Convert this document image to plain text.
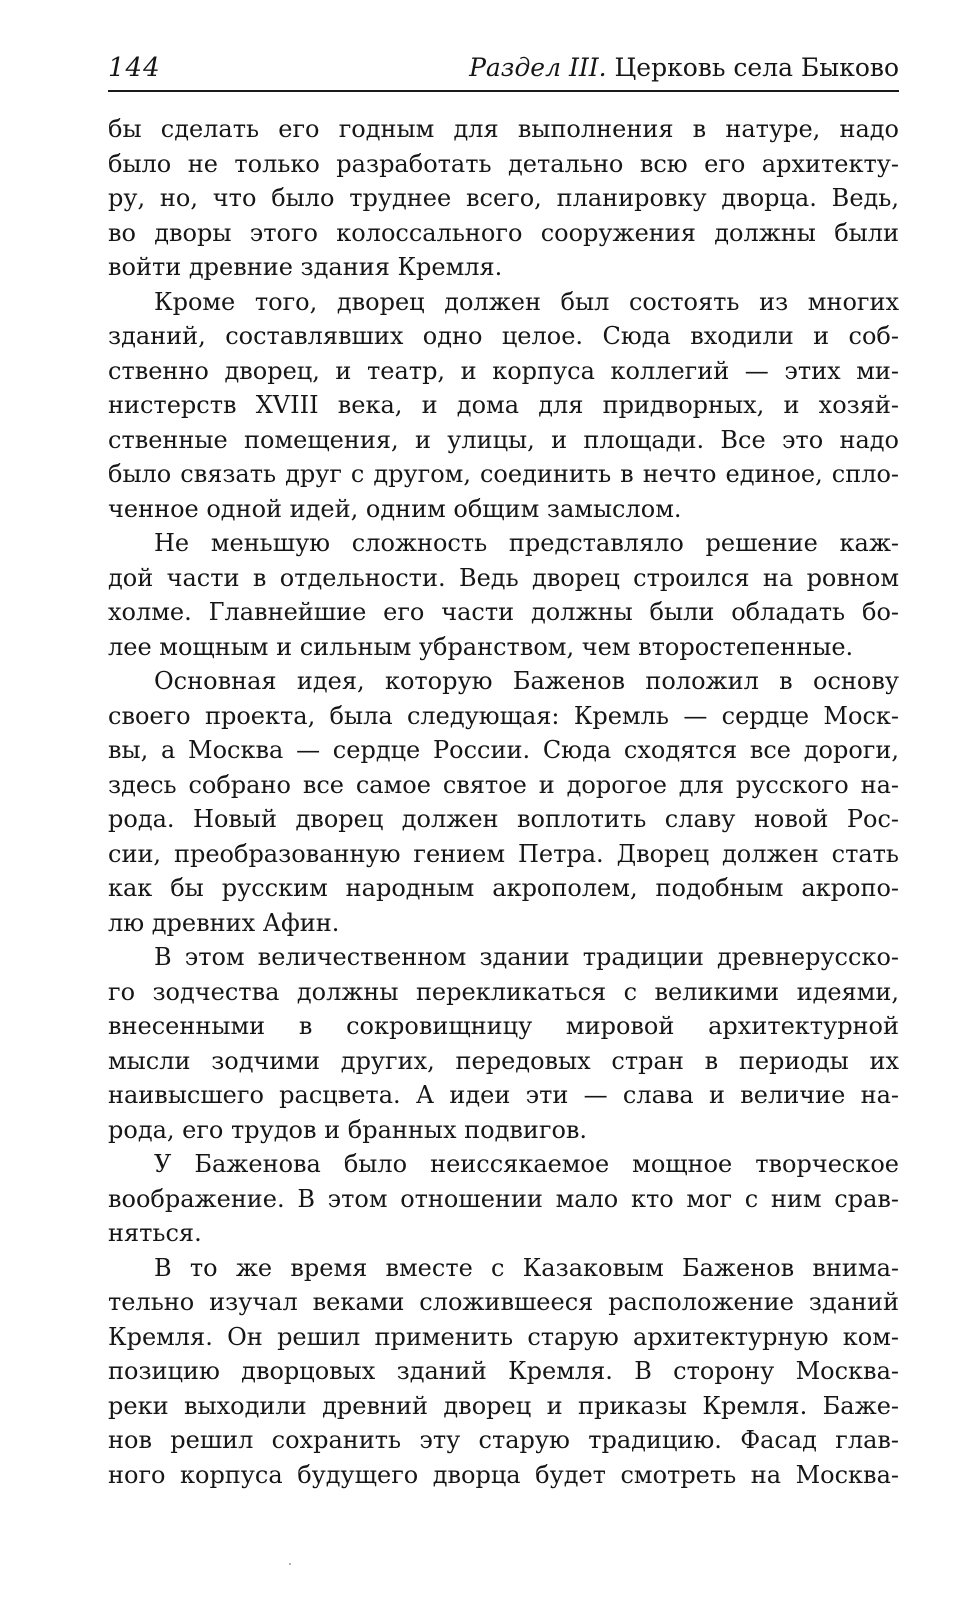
144	Раздел III. Церковь села Быково
бы сделать его годным для выполнения в натуре, надо
было не только разработать детально всю его архитекту-
ру, но, что было труднее всего, планировку дворца. Ведь,
во дворы этого колоссального сооружения должны были
войти древние здания Кремля.
Кроме того, дворец должен был состоять из многих
зданий, составлявших одно целое. Сюда входили и соб-
ственно дворец, и театр, и корпуса коллегий — этих ми-
нистерств XVIII века, и дома для придворных, и хозяй-
ственные помещения, и улицы, и площади. Все это надо
было связать друг с другом, соединить в нечто единое, спло-
ченное одной идей, одним общим замыслом.
Не меньшую сложность представляло решение каж-
дой части в отдельности. Ведь дворец строился на ровном
холме. Главнейшие его части должны были обладать бо-
лее мощным и сильным убранством, чем второстепенные.
Основная идея, которую Баженов положил в основу
своего проекта, была следующая: Кремль — сердце Моск-
вы, а Москва — сердце России. Сюда сходятся все дороги,
здесь собрано все самое святое и дорогое для русского на-
рода. Новый дворец должен воплотить славу новой Рос-
сии, преобразованную гением Петра. Дворец должен стать
как бы русским народным акрополем, подобным акропо-
лю древних Афин.
В этом величественном здании традиции древнерусско-
го зодчества должны перекликаться с великими идеями,
внесенными в сокровищницу мировой архитектурной
мысли зодчими других, передовых стран в периоды их
наивысшего расцвета. А идеи эти — слава и величие на-
рода, его трудов и бранных подвигов.
У Баженова было неиссякаемое мощное творческое
воображение. В этом отношении мало кто мог с ним срав-
няться.
В то же время вместе с Казаковым Баженов внима-
тельно изучал веками сложившееся расположение зданий
Кремля. Он решил применить старую архитектурную ком-
позицию дворцовых зданий Кремля. В сторону Москва-
реки выходили древний дворец и приказы Кремля. Баже-
нов решил сохранить эту старую традицию. Фасад глав-
ного корпуса будущего дворца будет смотреть на Москва-
